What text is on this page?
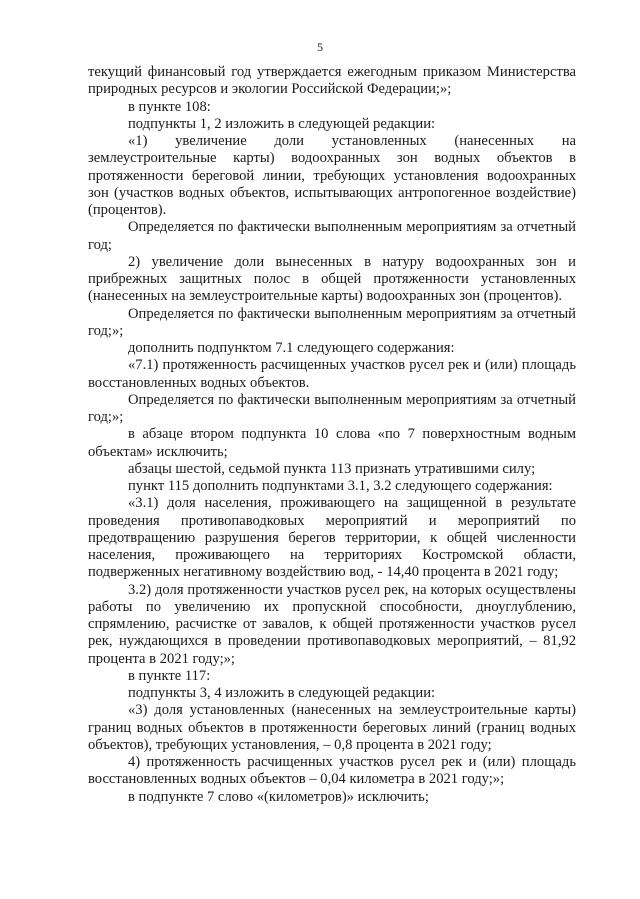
5

текущий финансовый год утверждается ежегодным приказом Министерства природных ресурсов и экологии Российской Федерации;»;

в пункте 108:

подпункты 1, 2 изложить в следующей редакции:

«1) увеличение доли установленных (нанесенных на землеустроительные карты) водоохранных зон водных объектов в протяженности береговой линии, требующих установления водоохранных зон (участков водных объектов, испытывающих антропогенное воздействие) (процентов).

Определяется по фактически выполненным мероприятиям за отчетный год;

2) увеличение доли вынесенных в натуру водоохранных зон и прибрежных защитных полос в общей протяженности установленных (нанесенных на землеустроительные карты) водоохранных зон (процентов).

Определяется по фактически выполненным мероприятиям за отчетный год;»;

дополнить подпунктом 7.1 следующего содержания:

«7.1) протяженность расчищенных участков русел рек и (или) площадь восстановленных водных объектов.

Определяется по фактически выполненным мероприятиям за отчетный год;»;

в абзаце втором подпункта 10 слова «по 7 поверхностным водным объектам» исключить;

абзацы шестой, седьмой пункта 113 признать утратившими силу;

пункт 115 дополнить подпунктами 3.1, 3.2 следующего содержания:

«3.1) доля населения, проживающего на защищенной в результате проведения противопаводковых мероприятий и мероприятий по предотвращению разрушения берегов территории, к общей численности населения, проживающего на территориях Костромской области, подверженных негативному воздействию вод, - 14,40 процента в 2021 году;

3.2) доля протяженности участков русел рек, на которых осуществлены работы по увеличению их пропускной способности, дноуглублению, спрямлению, расчистке от завалов, к общей протяженности участков русел рек, нуждающихся в проведении противопаводковых мероприятий, – 81,92 процента в 2021 году;»;

в пункте 117:

подпункты 3, 4 изложить в следующей редакции:

«3) доля установленных (нанесенных на землеустроительные карты) границ водных объектов в протяженности береговых линий (границ водных объектов), требующих установления, – 0,8 процента в 2021 году;

4) протяженность расчищенных участков русел рек и (или) площадь восстановленных водных объектов – 0,04 километра в 2021 году;»;

в подпункте 7 слово «(километров)» исключить;
